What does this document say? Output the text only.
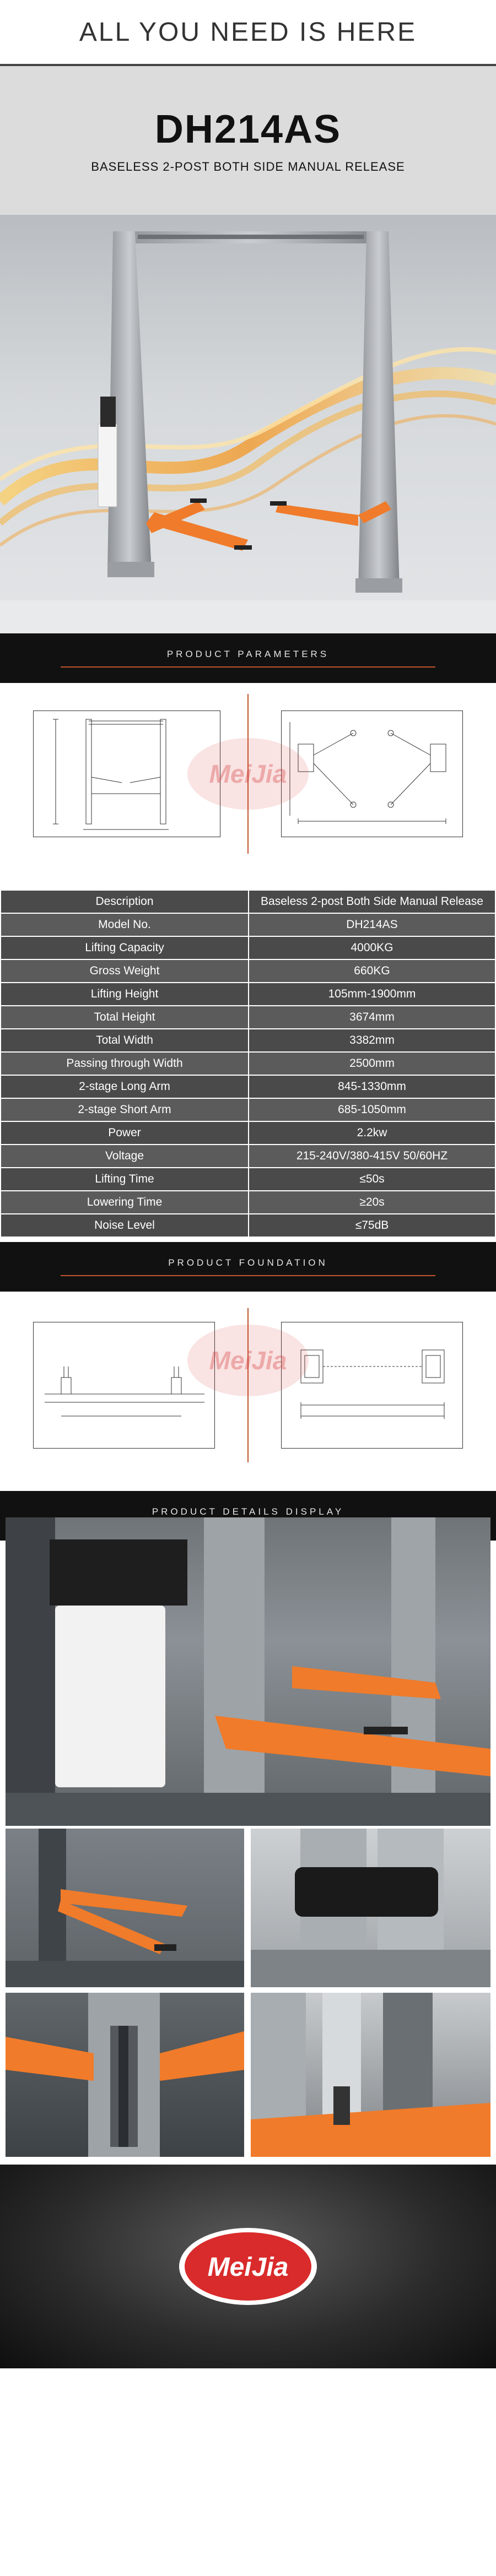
ALL YOU NEED IS HERE
DH214AS
BASELESS 2-POST BOTH SIDE MANUAL RELEASE
PRODUCT PARAMETERS
MeiJia
Description	Baseless 2-post Both Side Manual Release
Model No.	DH214AS
Lifting Capacity	4000KG
Gross Weight	660KG
Lifting Height	105mm-1900mm
Total Height	3674mm
Total Width	3382mm
Passing through Width	2500mm
2-stage Long Arm	845-1330mm
2-stage Short Arm	685-1050mm
Power	2.2kw
Voltage	215-240V/380-415V 50/60HZ
Lifting Time	≤50s
Lowering Time	≥20s
Noise Level	≤75dB
PRODUCT FOUNDATION
MeiJia
PRODUCT DETAILS DISPLAY
MeiJia
